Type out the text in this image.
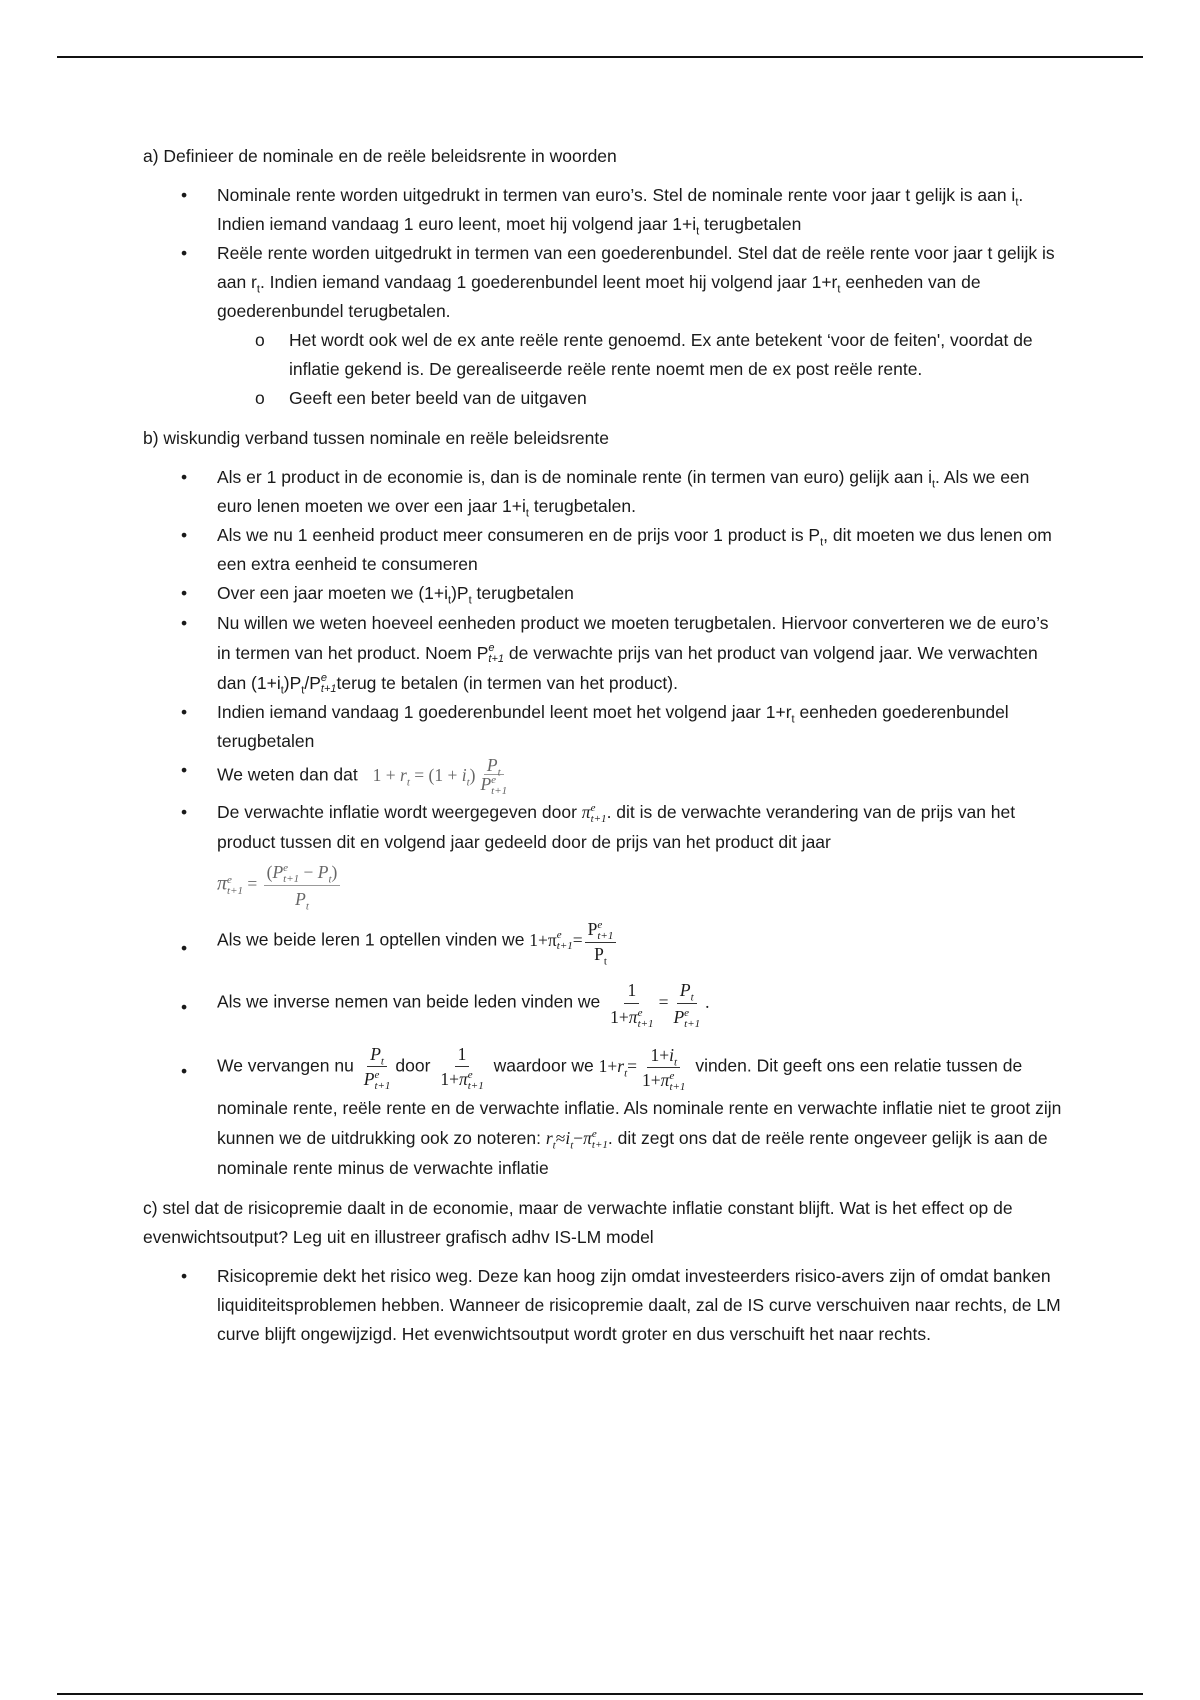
a) Definieer de nominale en de reële beleidsrente in woorden

• Nominale rente worden uitgedrukt in termen van euro’s. Stel de nominale rente voor jaar t gelijk is aan $i_t$. Indien iemand vandaag 1 euro leent, moet hij volgend jaar $1+i_t$ terugbetalen
• Reële rente worden uitgedrukt in termen van een goederenbundel. Stel dat de reële rente voor jaar t gelijk is aan $r_t$. Indien iemand vandaag 1 goederenbundel leent moet hij volgend jaar $1+r_t$ eenheden van de goederenbundel terugbetalen.
o Het wordt ook wel de ex ante reële rente genoemd. Ex ante betekent ‘voor de feiten', voordat de inflatie gekend is. De gerealiseerde reële rente noemt men de ex post reële rente.
o Geeft een beter beeld van de uitgaven

b) wiskundig verband tussen nominale en reële beleidsrente

• Als er 1 product in de economie is, dan is de nominale rente (in termen van euro) gelijk aan $i_t$. Als we een euro lenen moeten we over een jaar $1+i_t$ terugbetalen.
• Als we nu 1 eenheid product meer consumeren en de prijs voor 1 product is $P_t$, dit moeten we dus lenen om een extra eenheid te consumeren
• Over een jaar moeten we $(1+i_t)P_t$ terugbetalen
• Nu willen we weten hoeveel eenheden product we moeten terugbetalen. Hiervoor converteren we de euro’s in termen van het product. Noem P e
t+1 de verwachte prijs van het product van volgend jaar. We verwachten dan $(1+i_t)P_t/P$ e
t+1 terug te betalen (in termen van het product).
• Indien iemand vandaag 1 goederenbundel leent moet het volgend jaar $1+r_t$ eenheden goederenbundel terugbetalen
• We weten dan dat $1 + r_t = (1 + i_t)$ $P_t$
P e
t+1
• De verwachte inflatie wordt weergegeven door π e
t+1 . dit is de verwachte verandering van de prijs van het product tussen dit en volgend jaar gedeeld door de prijs van het product dit jaar
π e
t+1 = (P e
$t+1 - P_t$)
$P_t$
• Als we beide leren 1 optellen vinden we 1+π e
t+1 = P e
t+1
$P_t$
• Als we inverse nemen van beide leden vinden we 1
1+π e
$t+1 = P_t$
P e
t+1 .
• We vervangen nu $P_t$
P e
t+1 door 1
1+π e
t+1 waardoor we $1+r_t= 1+i_t$
1+π e
t+1 vinden. Dit geeft ons een relatie tussen de nominale rente, reële rente en de verwachte inflatie. Als nominale rente en verwachte inflatie niet te groot zijn kunnen we de uitdrukking ook zo noteren: $r_t\approx i_t-\pi$ e
t+1 . dit zegt ons dat de reële rente ongeveer gelijk is aan de nominale rente minus de verwachte inflatie

c) stel dat de risicopremie daalt in de economie, maar de verwachte inflatie constant blijft. Wat is het effect op de evenwichtsoutput? Leg uit en illustreer grafisch adhv IS-LM model

• Risicopremie dekt het risico weg. Deze kan hoog zijn omdat investeerders risico-avers zijn of omdat banken liquiditeitsproblemen hebben. Wanneer de risicopremie daalt, zal de IS curve verschuiven naar rechts, de LM curve blijft ongewijzigd. Het evenwichtsoutput wordt groter en dus verschuift het naar rechts.
